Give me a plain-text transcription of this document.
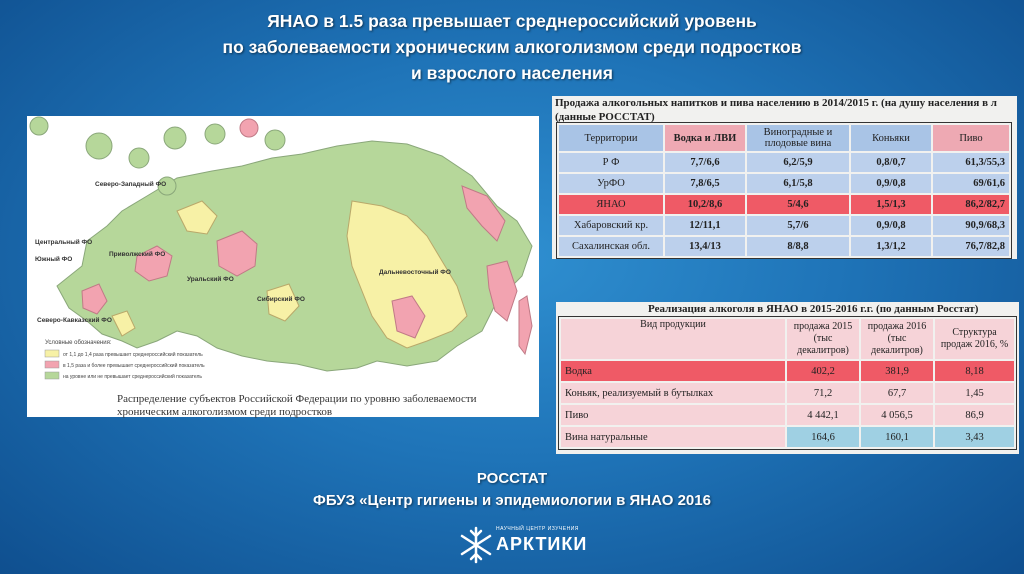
ЯНАО в 1.5 раза превышает среднероссийский уровень
по заболеваемости хроническим алкоголизмом среди подростков
и взрослого населения
Северо-Западный ФО
Центральный ФО
Южный ФО
Приволжский ФО
Уральский ФО
Сибирский ФО
Дальневосточный ФО
Северо-Кавказский ФО
Условные обозначения:
от 1,1 до 1,4 раза превышает среднероссийский показатель
в 1,5 раза и более превышает среднероссийский показатель
на уровне или не превышает среднероссийский показатель
Распределение субъектов Российской Федерации по уровню заболеваемости хроническим алкоголизмом среди подростков
Продажа алкогольных напитков и пива населению в 2014/2015 г. (на душу населения в л
(данные РОССТАТ)
Территории	Водка и ЛВИ	Виноградные и плодовые вина	Коньяки	Пиво
Р Ф	7,7/6,6	6,2/5,9	0,8/0,7	61,3/55,3
УрФО	7,8/6,5	6,1/5,8	0,9/0,8	69/61,6
ЯНАО	10,2/8,6	5/4,6	1,5/1,3	86,2/82,7
Хабаровский кр.	12/11,1	5,7/6	0,9/0,8	90,9/68,3
Сахалинская обл.	13,4/13	8/8,8	1,3/1,2	76,7/82,8
Реализация алкоголя в ЯНАО в 2015-2016 г.г. (по данным Росстат)
Вид продукции	продажа 2015 (тыс декалитров)	продажа 2016 (тыс декалитров)	Структура продаж 2016, %
Водка	402,2	381,9	8,18
Коньяк, реализуемый в бутылках	71,2	67,7	1,45
Пиво	4 442,1	4 056,5	86,9
Вина натуральные	164,6	160,1	3,43
РОССТАТ
ФБУЗ «Центр гигиены и эпидемиологии в ЯНАО 2016
НАУЧНЫЙ ЦЕНТР ИЗУЧЕНИЯ
АРКТИКИ
